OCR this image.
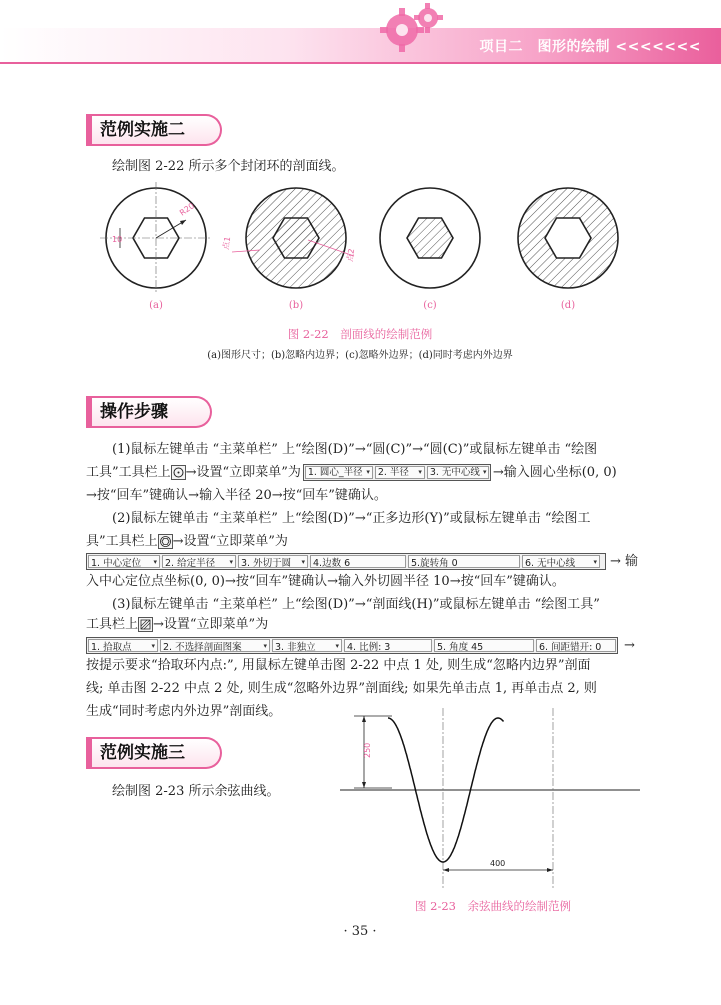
项目二　图形的绘制 <<<<<<<
范例实施二
绘制图 2-22 所示多个封闭环的剖面线。
R20
10	点1
点2
(a)	(b)	(c)	(d)
图 2-22　剖面线的绘制范例
(a)图形尺寸；(b)忽略内边界；(c)忽略外边界；(d)同时考虑内外边界
操作步骤
(1)鼠标左键单击 “主菜单栏” 上“绘图(D)”→“圆(C)”→“圆(C)”或鼠标左键单击 “绘图
工具”工具栏上 →设置“立即菜单”为 1. 圆心_半径 ▾ 2. 半径 ▾ 3. 无中心线 ▾ →输入圆心坐标(0, 0)
→按“回车”键确认→输入半径 20→按“回车”键确认。
(2)鼠标左键单击 “主菜单栏” 上“绘图(D)”→“正多边形(Y)”或鼠标左键单击 “绘图工
具”工具栏上 →设置“立即菜单”为
1. 中心定位 ▾ 2. 给定半径 ▾ 3. 外切于圆 ▾ 4.边数 6	5.旋转角 0	6. 无中心线	▾ → 输
入中心定位点坐标(0, 0)→按“回车”键确认→输入外切圆半径 10→按“回车”键确认。
(3)鼠标左键单击 “主菜单栏” 上“绘图(D)”→“剖面线(H)”或鼠标左键单击 “绘图工具”
工具栏上 →设置“立即菜单”为
1. 拾取点	▾ 2. 不选择剖面图案	▾ 3. 非独立	▾ 4. 比例: 3	5. 角度 45	6. 间距错开: 0 →
按提示要求“拾取环内点:”, 用鼠标左键单击图 2-22 中点 1 处, 则生成“忽略内边界”剖面
线; 单击图 2-22 中点 2 处, 则生成“忽略外边界”剖面线; 如果先单击点 1, 再单击点 2, 则
生成“同时考虑内外边界”剖面线。
范例实施三
绘制图 2-23 所示余弦曲线。
250
400
图 2-23　余弦曲线的绘制范例
· 35 ·
